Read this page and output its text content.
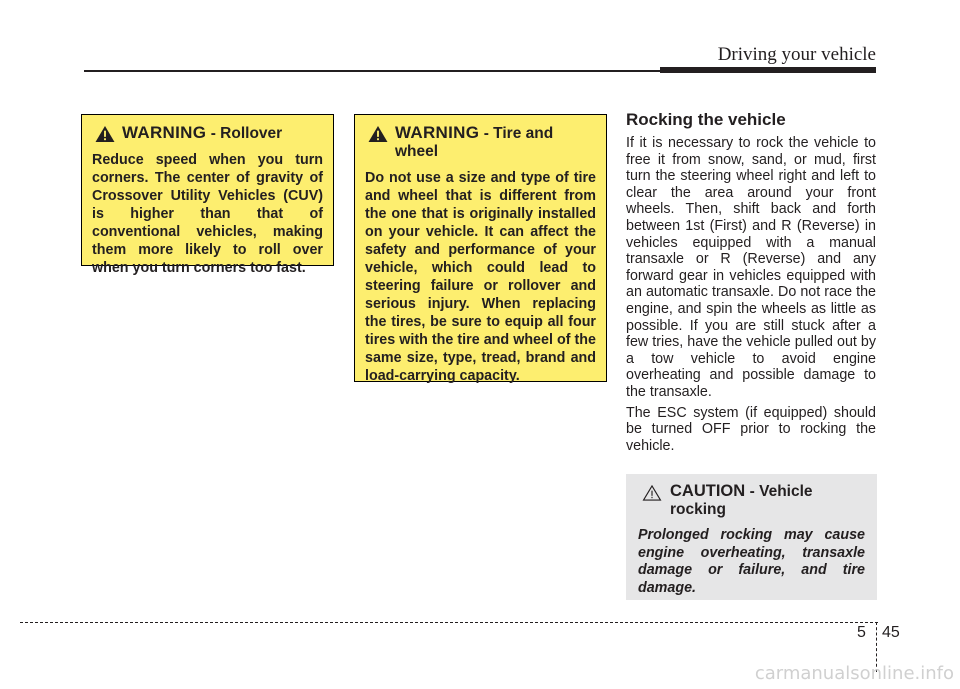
Driving your vehicle
WARNING - Rollover
Reduce speed when you turn corners. The center of gravity of Crossover Utility Vehicles (CUV) is higher than that of conventional vehicles, making them more likely to roll over when you turn corners too fast.
WARNING - Tire and wheel
Do not use a size and type of tire and wheel that is different from the one that is originally installed on your vehicle. It can affect the safety and performance of your vehicle, which could lead to steering failure or rollover and serious injury. When replacing the tires, be sure to equip all four tires with the tire and wheel of the same size, type, tread, brand and load-carrying capacity.
Rocking the vehicle

If it is necessary to rock the vehicle to free it from snow, sand, or mud, first turn the steering wheel right and left to clear the area around your front wheels. Then, shift back and forth between 1st (First) and R (Reverse) in vehicles equipped with a manual transaxle or R (Reverse) and any forward gear in vehicles equipped with an automatic transaxle. Do not race the engine, and spin the wheels as little as possible. If you are still stuck after a few tries, have the vehicle pulled out by a tow vehicle to avoid engine overheating and possible damage to the transaxle.

The ESC system (if equipped) should be turned OFF prior to rocking the vehicle.

CAUTION - Vehicle rocking
Prolonged rocking may cause engine overheating, transaxle damage or failure, and tire damage.
5 45
carmanualsonline.info
